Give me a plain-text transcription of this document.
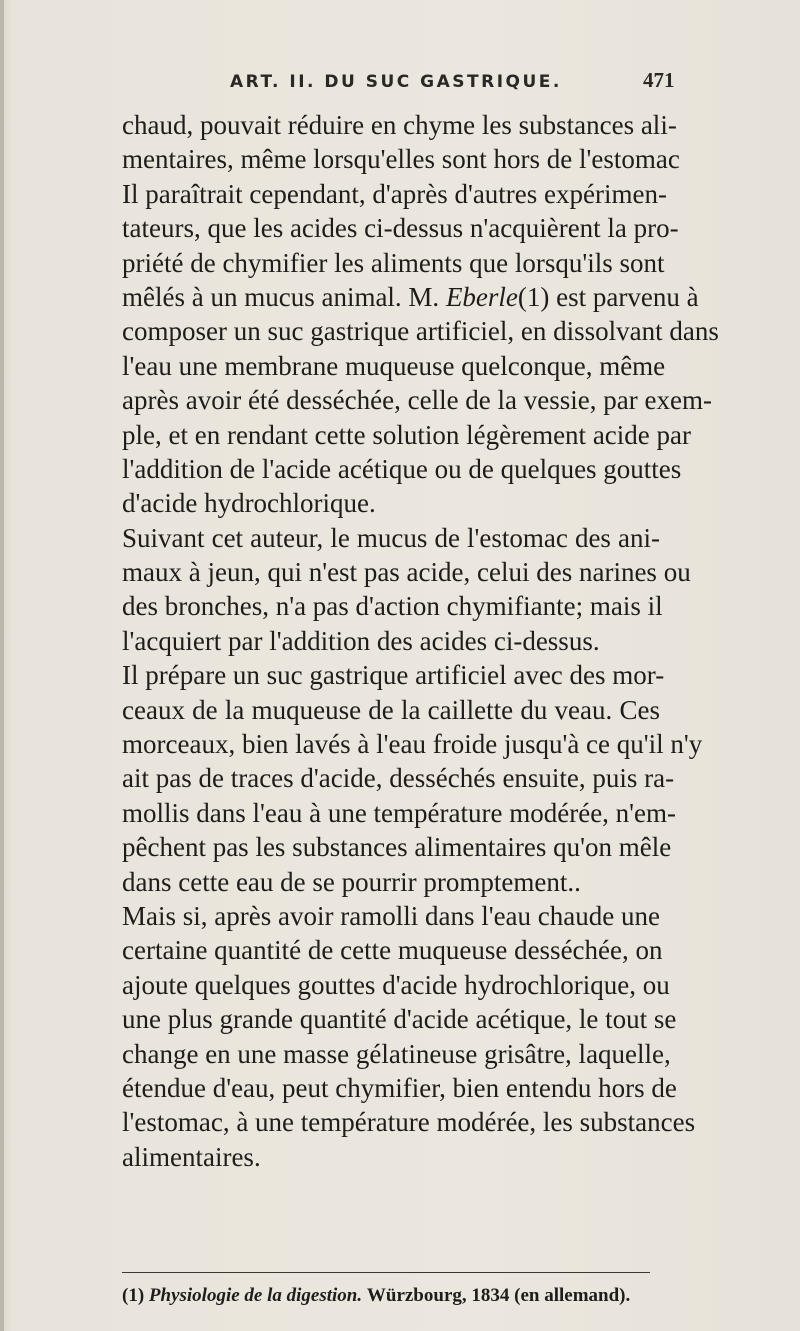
ART. II. DU SUC GASTRIQUE.	471
chaud, pouvait réduire en chyme les substances ali-
mentaires, même lorsqu'elles sont hors de l'estomac
Il paraîtrait cependant, d'après d'autres expérimen-
tateurs, que les acides ci-dessus n'acquièrent la pro-
priété de chymifier les aliments que lorsqu'ils sont
mêlés à un mucus animal. M. Eberle(1) est parvenu à
composer un suc gastrique artificiel, en dissolvant dans
l'eau une membrane muqueuse quelconque, même
après avoir été desséchée, celle de la vessie, par exem-
ple, et en rendant cette solution légèrement acide par
l'addition de l'acide acétique ou de quelques gouttes
d'acide hydrochlorique.
Suivant cet auteur, le mucus de l'estomac des ani-
maux à jeun, qui n'est pas acide, celui des narines ou
des bronches, n'a pas d'action chymifiante; mais il
l'acquiert par l'addition des acides ci-dessus.
Il prépare un suc gastrique artificiel avec des mor-
ceaux de la muqueuse de la caillette du veau. Ces
morceaux, bien lavés à l'eau froide jusqu'à ce qu'il n'y
ait pas de traces d'acide, desséchés ensuite, puis ra-
mollis dans l'eau à une température modérée, n'em-
pêchent pas les substances alimentaires qu'on mêle
dans cette eau de se pourrir promptement..
Mais si, après avoir ramolli dans l'eau chaude une
certaine quantité de cette muqueuse desséchée, on
ajoute quelques gouttes d'acide hydrochlorique, ou
une plus grande quantité d'acide acétique, le tout se
change en une masse gélatineuse grisâtre, laquelle,
étendue d'eau, peut chymifier, bien entendu hors de
l'estomac, à une température modérée, les substances
alimentaires.
(1) Physiologie de la digestion. Würzbourg, 1834 (en allemand).
